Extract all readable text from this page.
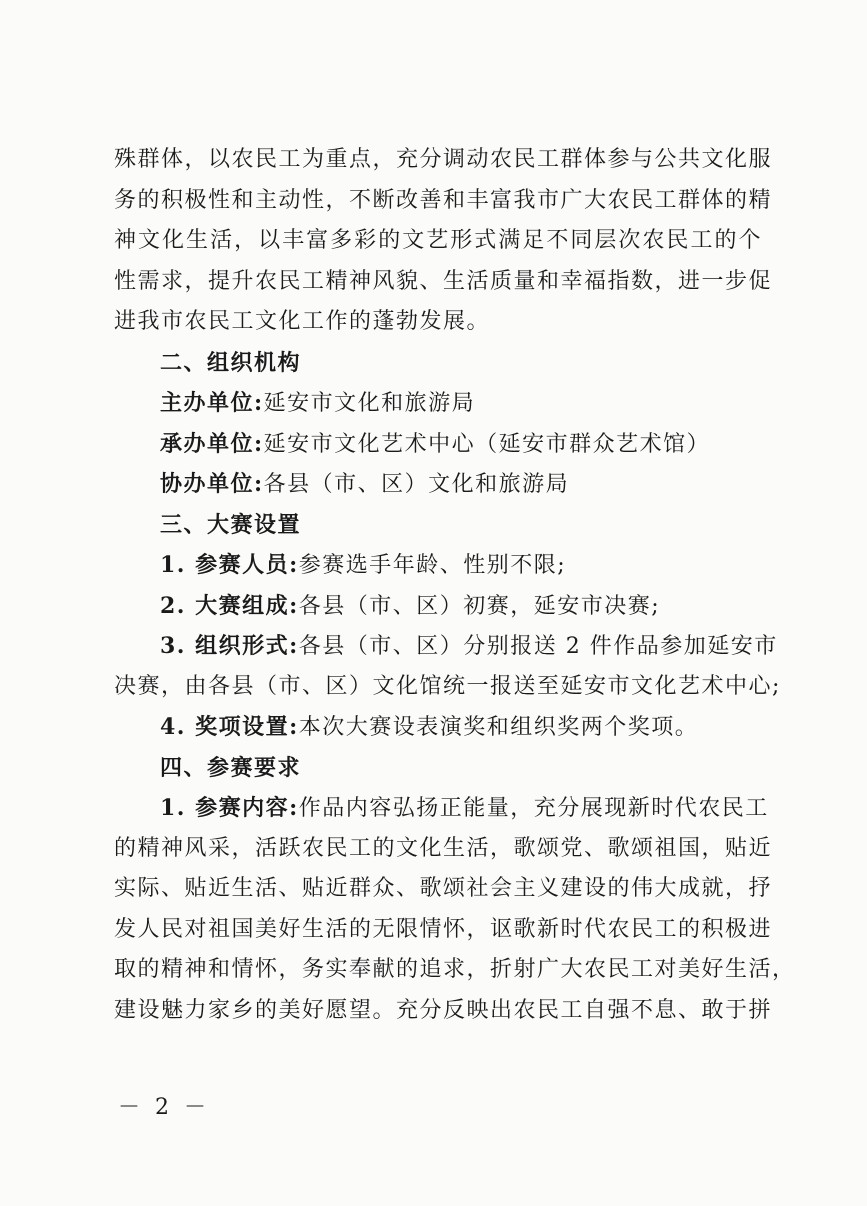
殊群体，以农民工为重点，充分调动农民工群体参与公共文化服
务的积极性和主动性，不断改善和丰富我市广大农民工群体的精
神文化生活，以丰富多彩的文艺形式满足不同层次农民工的个
性需求，提升农民工精神风貌、生活质量和幸福指数，进一步促
进我市农民工文化工作的蓬勃发展。
二、组织机构
主办单位:延安市文化和旅游局
承办单位:延安市文化艺术中心（延安市群众艺术馆）
协办单位:各县（市、区）文化和旅游局
三、大赛设置
1. 参赛人员:参赛选手年龄、性别不限;
2. 大赛组成:各县（市、区）初赛，延安市决赛;
3. 组织形式:各县（市、区）分别报送 2 件作品参加延安市
决赛，由各县（市、区）文化馆统一报送至延安市文化艺术中心;
4. 奖项设置:本次大赛设表演奖和组织奖两个奖项。
四、参赛要求
1. 参赛内容:作品内容弘扬正能量，充分展现新时代农民工
的精神风采，活跃农民工的文化生活，歌颂党、歌颂祖国，贴近
实际、贴近生活、贴近群众、歌颂社会主义建设的伟大成就，抒
发人民对祖国美好生活的无限情怀，讴歌新时代农民工的积极进
取的精神和情怀，务实奉献的追求，折射广大农民工对美好生活，
建设魅力家乡的美好愿望。充分反映出农民工自强不息、敢于拼
－ 2 －
